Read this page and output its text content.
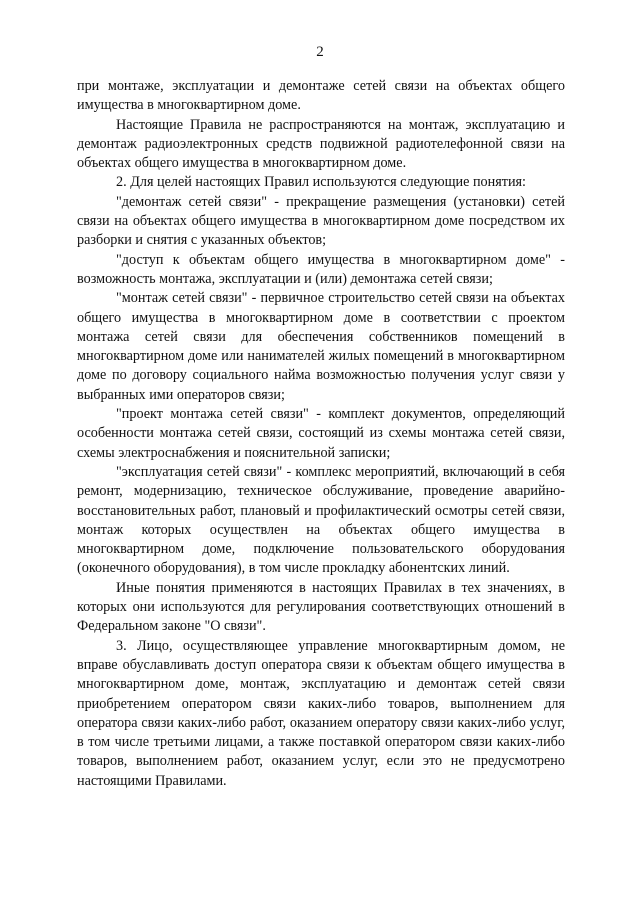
2

при монтаже, эксплуатации и демонтаже сетей связи на объектах общего имущества в многоквартирном доме.

Настоящие Правила не распространяются на монтаж, эксплуатацию и демонтаж радиоэлектронных средств подвижной радиотелефонной связи на объектах общего имущества в многоквартирном доме.

2. Для целей настоящих Правил используются следующие понятия:

"демонтаж сетей связи" - прекращение размещения (установки) сетей связи на объектах общего имущества в многоквартирном доме посредством их разборки и снятия с указанных объектов;

"доступ к объектам общего имущества в многоквартирном доме" - возможность монтажа, эксплуатации и (или) демонтажа сетей связи;

"монтаж сетей связи" - первичное строительство сетей связи на объектах общего имущества в многоквартирном доме в соответствии с проектом монтажа сетей связи для обеспечения собственников помещений в многоквартирном доме или нанимателей жилых помещений в многоквартирном доме по договору социального найма возможностью получения услуг связи у выбранных ими операторов связи;

"проект монтажа сетей связи" - комплект документов, определяющий особенности монтажа сетей связи, состоящий из схемы монтажа сетей связи, схемы электроснабжения и пояснительной записки;

"эксплуатация сетей связи" - комплекс мероприятий, включающий в себя ремонт, модернизацию, техническое обслуживание, проведение аварийно-восстановительных работ, плановый и профилактический осмотры сетей связи, монтаж которых осуществлен на объектах общего имущества в многоквартирном доме, подключение пользовательского оборудования (оконечного оборудования), в том числе прокладку абонентских линий.

Иные понятия применяются в настоящих Правилах в тех значениях, в которых они используются для регулирования соответствующих отношений в Федеральном законе "О связи".

3. Лицо, осуществляющее управление многоквартирным домом, не вправе обуславливать доступ оператора связи к объектам общего имущества в многоквартирном доме, монтаж, эксплуатацию и демонтаж сетей связи приобретением оператором связи каких-либо товаров, выполнением для оператора связи каких-либо работ, оказанием оператору связи каких-либо услуг, в том числе третьими лицами, а также поставкой оператором связи каких-либо товаров, выполнением работ, оказанием услуг, если это не предусмотрено настоящими Правилами.
